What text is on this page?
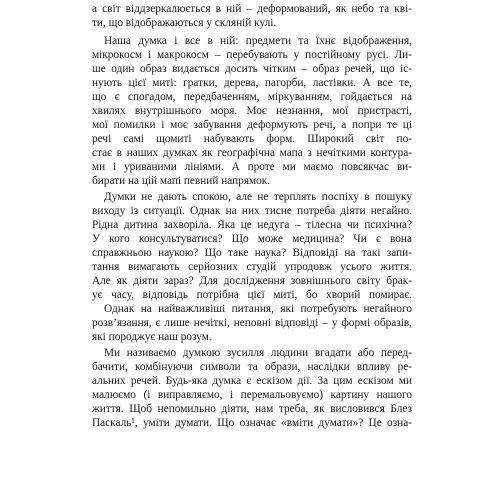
а світ віддзеркалюється в ній – деформований, як небо та кві-
ти, що відображаються у скляній кулі.
Наша думка і все в ній: предмети та їхнє відображення,
мікрокосм і макрокосм – перебувають у постійному русі. Ли-
ше один образ видається досить чітким – образ речей, що іс-
нують цієї миті: гратки, дерева, пагорби, ластівки. А все те,
що є спогадом, передбаченням, міркуванням, гойдається на
хвилях внутрішнього моря. Моє незнання, мої пристрасті,
мої помилки і моє забування деформують речі, а попри те ці
речі самі щомиті набувають форм. Широкий світ по-
стає в наших думках як географічна мапа з нечіткими контура-
ми і уриваними лініями. А проте ми маємо повсякчас ви-
бирати на цій мапі певний напрямок.
Думки не дають спокою, але не терплять поспіху в пошуку
виходу із ситуації. Однак на них тисне потреба діяти негайно.
Рідна дитина захворіла. Яка це недуга – тілесна чи психічна?
У кого консультуватися? Що може медицина? Чи є вона
справжньою наукою? Що таке наука? Відповіді на такі запи-
тання вимагають серйозних студій упродовж усього життя.
Але як діяти зараз? Для дослідження зовнішнього світу брак-
ує часу, відповідь потрібна цієї миті, бо хворий помирає.
Однак на найважливіші питання, які потребують негайного
розв’язання, є лише нечіткі, неповні відповіді – у формі образів,
які породжує наш розум.
Ми називаємо думкою зусилля людини вгадати або перед-
бачити, комбінуючи символи та образи, наслідки впливу ре-
альних речей. Будь-яка думка є ескізом дії. За цим ескізом ми
малюємо (і виправляємо, і перемальовуємо) картину нашого
життя. Щоб непомильно діяти, нам треба, як висловився Блез
Паскаль¹, уміти думати. Що означає «вміти думати»? Це озна-
